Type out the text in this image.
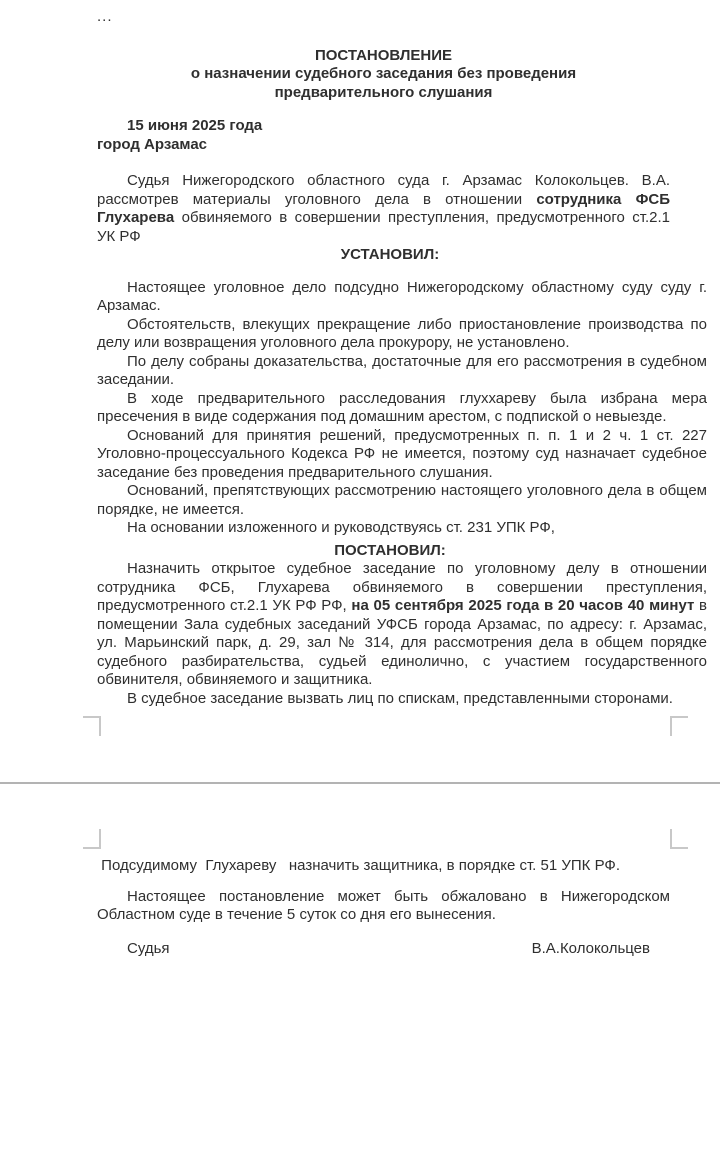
...
ПОСТАНОВЛЕНИЕ
о назначении судебного заседания без проведения
предварительного слушания
15 июня 2025 года
город Арзамас

Судья Нижегородского областного суда г. Арзамас Колокольцев. В.А. рассмотрев материалы уголовного дела в отношении сотрудника ФСБ Глухарева обвиняемого в совершении преступления, предусмотренного ст.2.1 УК РФ

УСТАНОВИЛ:

Настоящее уголовное дело подсудно Нижегородскому областному суду суду г. Арзамас.

Обстоятельств, влекущих прекращение либо приостановление производства по делу или возвращения уголовного дела прокурору, не установлено.

По делу собраны доказательства, достаточные для его рассмотрения в судебном заседании.

В ходе предварительного расследования глуххареву была избрана мера пресечения в виде содержания под домашним арестом, с подпиской о невыезде.

Оснований для принятия решений, предусмотренных п. п. 1 и 2 ч. 1 ст. 227 Уголовно-процессуального Кодекса РФ не имеется, поэтому суд назначает судебное заседание без проведения предварительного слушания.

Оснований, препятствующих рассмотрению настоящего уголовного дела в общем порядке, не имеется.

На основании изложенного и руководствуясь ст. 231 УПК РФ,

ПОСТАНОВИЛ:

Назначить открытое судебное заседание по уголовному делу в отношении сотрудника ФСБ, Глухарева обвиняемого в совершении преступления, предусмотренного ст.2.1 УК РФ РФ, на 05 сентября 2025 года в 20 часов 40 минут в помещении Зала судебных заседаний УФСБ города Арзамас, по адресу: г. Арзамас, ул. Марьинский парк, д. 29, зал № 314, для рассмотрения дела в общем порядке судебного разбирательства, судьей единолично, с участием государственного обвинителя, обвиняемого и защитника.

В судебное заседание вызвать лиц по спискам, представленными сторонами.

Подсудимому  Глухареву   назначить защитника, в порядке ст. 51 УПК РФ.

Настоящее постановление может быть обжаловано в Нижегородском Областном суде в течение 5 суток со дня его вынесения.

Судья	В.А.Колокольцев
